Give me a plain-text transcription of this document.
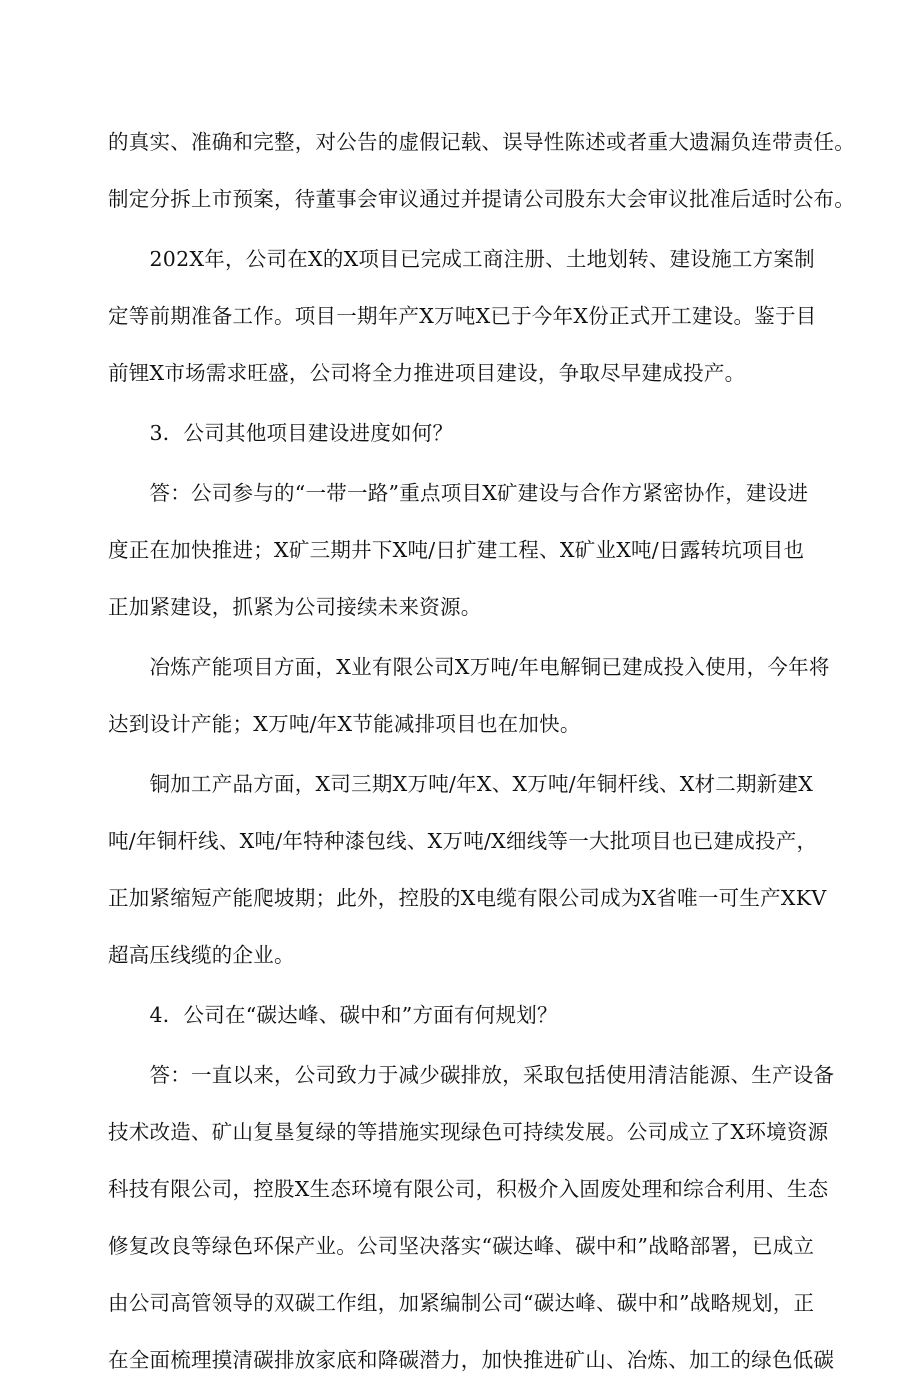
的真实、准确和完整，对公告的虚假记载、误导性陈述或者重大遗漏负连带责任。
制定分拆上市预案，待董事会审议通过并提请公司股东大会审议批准后适时公布。
　　202X年，公司在X的X项目已完成工商注册、土地划转、建设施工方案制
定等前期准备工作。项目一期年产X万吨X已于今年X份正式开工建设。鉴于目
前锂X市场需求旺盛，公司将全力推进项目建设，争取尽早建成投产。
　　3．公司其他项目建设进度如何？
　　答：公司参与的“一带一路”重点项目X矿建设与合作方紧密协作，建设进
度正在加快推进；X矿三期井下X吨/日扩建工程、X矿业X吨/日露转坑项目也
正加紧建设，抓紧为公司接续未来资源。
　　冶炼产能项目方面，X业有限公司X万吨/年电解铜已建成投入使用，今年将
达到设计产能；X万吨/年X节能减排项目也在加快。
　　铜加工产品方面，X司三期X万吨/年X、X万吨/年铜杆线、X材二期新建X
吨/年铜杆线、X吨/年特种漆包线、X万吨/X细线等一大批项目也已建成投产，
正加紧缩短产能爬坡期；此外，控股的X电缆有限公司成为X省唯一可生产XKV
超高压线缆的企业。
　　4．公司在“碳达峰、碳中和”方面有何规划？
　　答：一直以来，公司致力于减少碳排放，采取包括使用清洁能源、生产设备
技术改造、矿山复垦复绿的等措施实现绿色可持续发展。公司成立了X环境资源
科技有限公司，控股X生态环境有限公司，积极介入固废处理和综合利用、生态
修复改良等绿色环保产业。公司坚决落实“碳达峰、碳中和”战略部署，已成立
由公司高管领导的双碳工作组，加紧编制公司“碳达峰、碳中和”战略规划，正
在全面梳理摸清碳排放家底和降碳潜力，加快推进矿山、冶炼、加工的绿色低碳
